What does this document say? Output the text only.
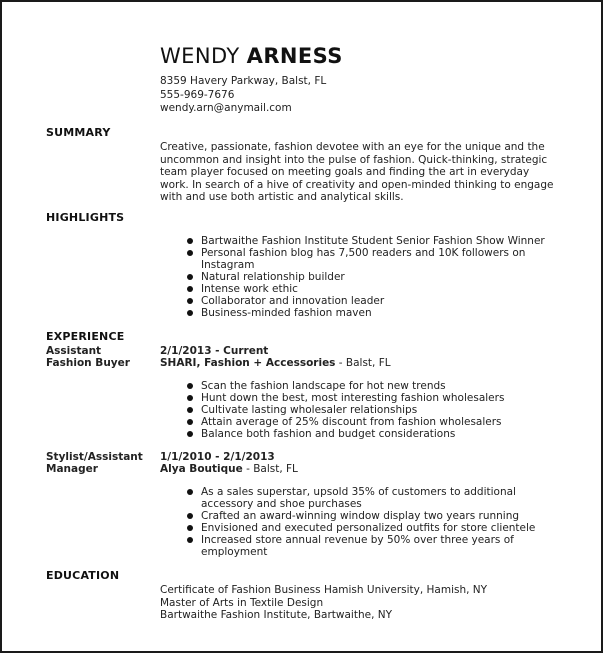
WENDY ARNESS
8359 Havery Parkway, Balst, FL
555-969-7676
wendy.arn@anymail.com
SUMMARY
Creative, passionate, fashion devotee with an eye for the unique and the uncommon and insight into the pulse of fashion. Quick-thinking, strategic team player focused on meeting goals and finding the art in everyday work. In search of a hive of creativity and open-minded thinking to engage with and use both artistic and analytical skills.
HIGHLIGHTS
Bartwaithe Fashion Institute Student Senior Fashion Show Winner
Personal fashion blog has 7,500 readers and 10K followers on Instagram
Natural relationship builder
Intense work ethic
Collaborator and innovation leader
Business-minded fashion maven
EXPERIENCE
Assistant Fashion Buyer
2/1/2013 - Current
SHARI, Fashion + Accessories - Balst, FL
Scan the fashion landscape for hot new trends
Hunt down the best, most interesting fashion wholesalers
Cultivate lasting wholesaler relationships
Attain average of 25% discount from fashion wholesalers
Balance both fashion and budget considerations
Stylist/Assistant Manager
1/1/2010 - 2/1/2013
Alya Boutique - Balst, FL
As a sales superstar, upsold 35% of customers to additional accessory and shoe purchases
Crafted an award-winning window display two years running
Envisioned and executed personalized outfits for store clientele
Increased store annual revenue by 50% over three years of employment
EDUCATION
Certificate of Fashion Business Hamish University, Hamish, NY
Master of Arts in Textile Design
Bartwaithe Fashion Institute, Bartwaithe, NY
